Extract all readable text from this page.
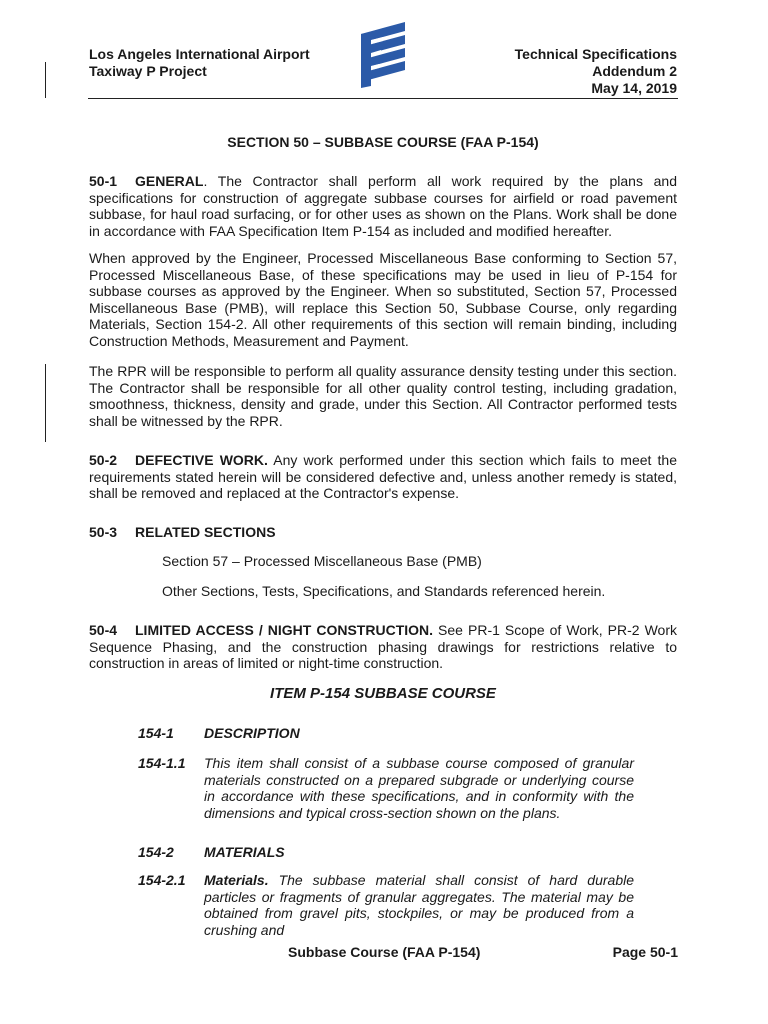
Los Angeles International Airport
Taxiway P Project
Technical Specifications
Addendum 2
May 14, 2019
SECTION 50 – SUBBASE COURSE (FAA P-154)

50-1 GENERAL. The Contractor shall perform all work required by the plans and specifications for construction of aggregate subbase courses for airfield or road pavement subbase, for haul road surfacing, or for other uses as shown on the Plans. Work shall be done in accordance with FAA Specification Item P-154 as included and modified hereafter.

When approved by the Engineer, Processed Miscellaneous Base conforming to Section 57, Processed Miscellaneous Base, of these specifications may be used in lieu of P-154 for subbase courses as approved by the Engineer. When so substituted, Section 57, Processed Miscellaneous Base (PMB), will replace this Section 50, Subbase Course, only regarding Materials, Section 154-2. All other requirements of this section will remain binding, including Construction Methods, Measurement and Payment.

The RPR will be responsible to perform all quality assurance density testing under this section. The Contractor shall be responsible for all other quality control testing, including gradation, smoothness, thickness, density and grade, under this Section. All Contractor performed tests shall be witnessed by the RPR.

50-2 DEFECTIVE WORK. Any work performed under this section which fails to meet the requirements stated herein will be considered defective and, unless another remedy is stated, shall be removed and replaced at the Contractor's expense.

50-3 RELATED SECTIONS
Section 57 – Processed Miscellaneous Base (PMB)
Other Sections, Tests, Specifications, and Standards referenced herein.

50-4 LIMITED ACCESS / NIGHT CONSTRUCTION. See PR-1 Scope of Work, PR-2 Work Sequence Phasing, and the construction phasing drawings for restrictions relative to construction in areas of limited or night-time construction.

ITEM P-154 SUBBASE COURSE
154-1 DESCRIPTION
154-1.1 This item shall consist of a subbase course composed of granular materials constructed on a prepared subgrade or underlying course in accordance with these specifications, and in conformity with the dimensions and typical cross-section shown on the plans.

154-2 MATERIALS
154-2.1 Materials. The subbase material shall consist of hard durable particles or fragments of granular aggregates. The material may be obtained from gravel pits, stockpiles, or may be produced from a crushing and

Subbase Course (FAA P-154)	Page 50-1
